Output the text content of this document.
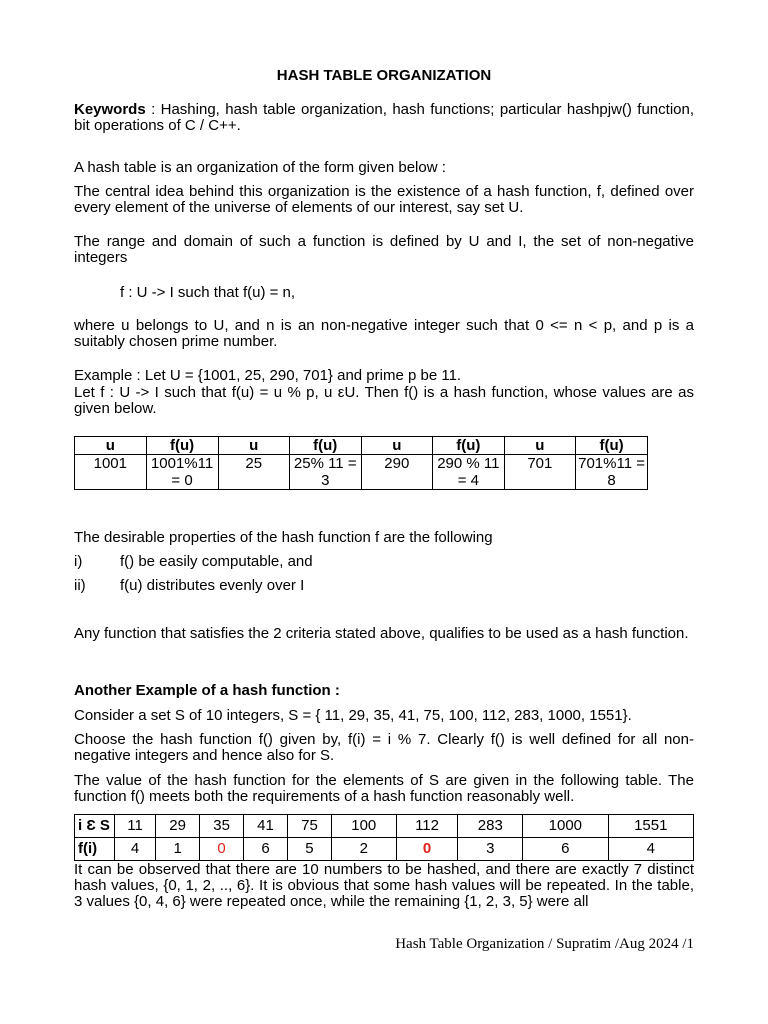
HASH TABLE ORGANIZATION
Keywords : Hashing, hash table organization, hash functions; particular hashpjw() function, bit operations of C / C++.
A hash table is an organization of the form given below :
The central idea behind this organization is the existence of a hash function, f, defined over every element of the universe of elements of our interest, say set U.
The range and domain of such a function is defined by U and I, the set of non-negative integers
f : U -> I such that f(u) = n,
where u belongs to U, and n is an non-negative integer such that 0 <= n < p, and p is a suitably chosen prime number.
Example : Let U = {1001, 25, 290, 701} and prime p be 11.
Let f : U -> I such that f(u) = u % p, u εU. Then f() is a hash function, whose values are as given below.
u	f(u)	u	f(u)	u	f(u)	u	f(u)
1001	1001%11 = 0	25	25% 11 = 3	290	290 % 11 = 4	701	701%11 = 8
The desirable properties of the hash function f are the following
i)	f() be easily computable, and
ii) f(u) distributes evenly over I
Any function that satisfies the 2 criteria stated above, qualifies to be used as a hash function.
Another Example of a hash function :
Consider a set S of 10 integers, S = { 11, 29, 35, 41, 75, 100, 112, 283, 1000, 1551}.
Choose the hash function f() given by, f(i) = i % 7. Clearly f() is well defined for all non-negative integers and hence also for S.
The value of the hash function for the elements of S are given in the following table. The function f() meets both the requirements of a hash function reasonably well.
i Ɛ S	11	29	35	41	75	100	112	283	1000	1551
f(i)	4	1	0	6	5	2	0	3	6	4
It can be observed that there are 10 numbers to be hashed, and there are exactly 7 distinct hash values, {0, 1, 2, .., 6}. It is obvious that some hash values will be repeated. In the table, 3 values {0, 4, 6} were repeated once, while the remaining {1, 2, 3, 5} were all
Hash Table Organization / Supratim /Aug 2024 /1
